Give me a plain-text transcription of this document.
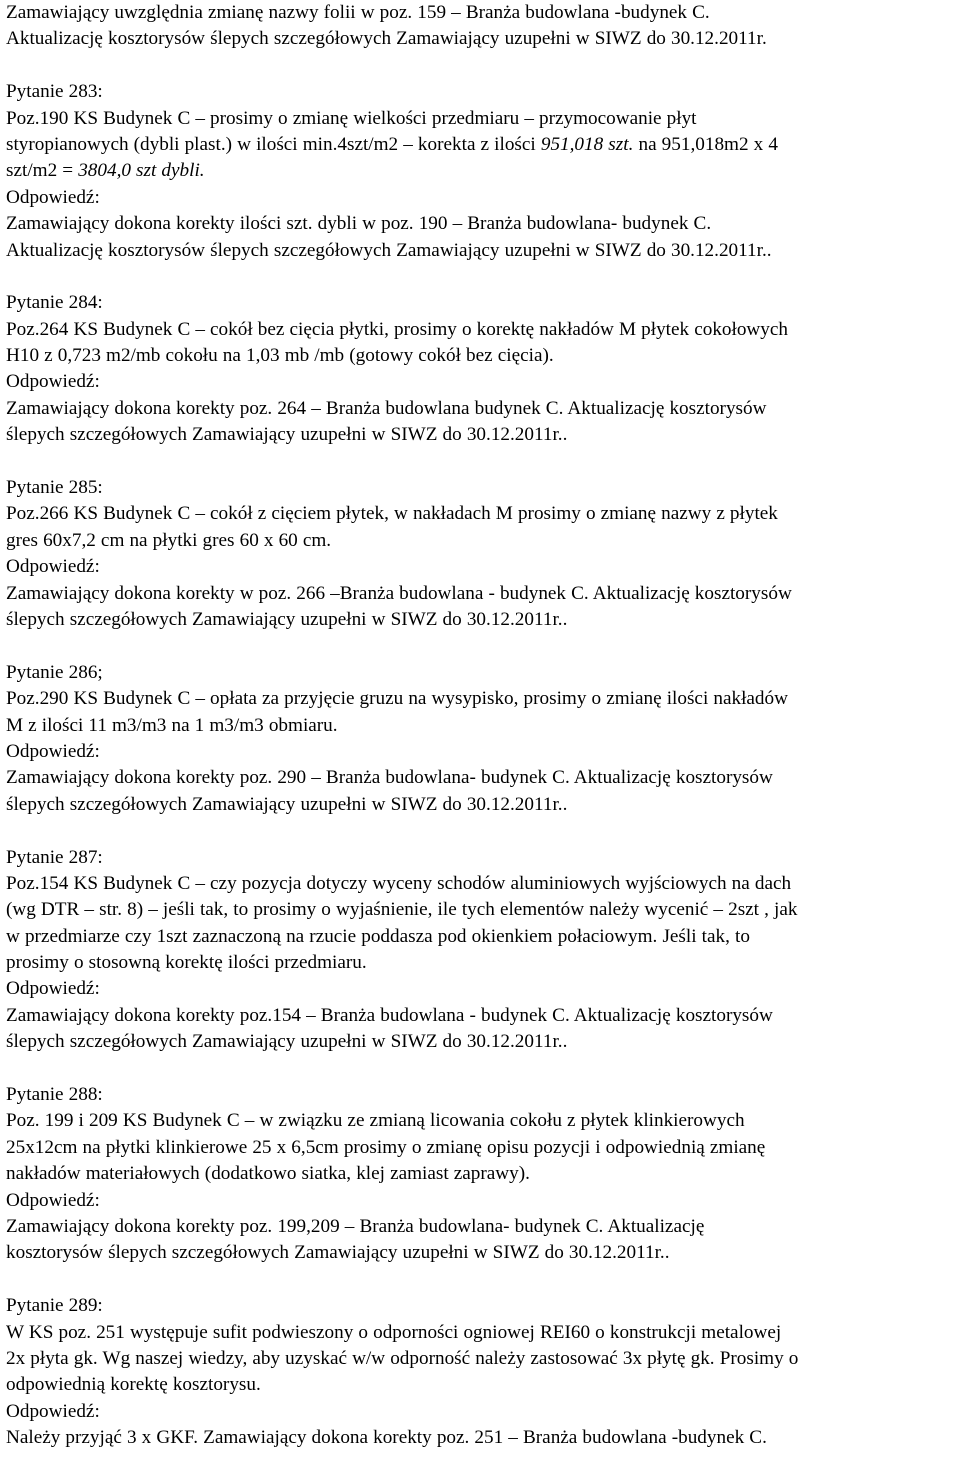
Zamawiający uwzględnia zmianę nazwy folii w poz. 159 – Branża budowlana -budynek C.
Aktualizację kosztorysów ślepych szczegółowych Zamawiający uzupełni w SIWZ do 30.12.2011r.
Pytanie 283:
Poz.190 KS Budynek C – prosimy o zmianę wielkości przedmiaru – przymocowanie płyt
styropianowych (dybli plast.) w ilości min.4szt/m2 – korekta z ilości 951,018 szt. na 951,018m2 x 4
szt/m2 = 3804,0 szt dybli.
Odpowiedź:
Zamawiający dokona korekty ilości szt. dybli w poz. 190 – Branża budowlana- budynek C.
Aktualizację kosztorysów ślepych szczegółowych Zamawiający uzupełni w SIWZ do 30.12.2011r..
Pytanie 284:
Poz.264 KS Budynek C – cokół bez cięcia płytki, prosimy o korektę nakładów M płytek cokołowych
H10 z 0,723 m2/mb cokołu na 1,03 mb /mb (gotowy cokół bez cięcia).
Odpowiedź:
Zamawiający dokona korekty poz. 264 – Branża budowlana budynek C. Aktualizację kosztorysów
ślepych szczegółowych Zamawiający uzupełni w SIWZ do 30.12.2011r..
Pytanie 285:
Poz.266 KS Budynek C – cokół z cięciem płytek, w nakładach M prosimy o zmianę nazwy z płytek
gres 60x7,2 cm na płytki gres 60 x 60 cm.
Odpowiedź:
Zamawiający dokona korekty w poz. 266 –Branża budowlana - budynek C. Aktualizację kosztorysów
ślepych szczegółowych Zamawiający uzupełni w SIWZ do 30.12.2011r..
Pytanie 286;
Poz.290 KS Budynek C – opłata za przyjęcie gruzu na wysypisko, prosimy o zmianę ilości nakładów
M z ilości 11 m3/m3 na 1 m3/m3 obmiaru.
Odpowiedź:
Zamawiający dokona korekty poz. 290 – Branża budowlana- budynek C. Aktualizację kosztorysów
ślepych szczegółowych Zamawiający uzupełni w SIWZ do 30.12.2011r..
Pytanie 287:
Poz.154 KS Budynek C – czy pozycja dotyczy wyceny schodów aluminiowych wyjściowych na dach
(wg DTR – str. 8) – jeśli tak, to prosimy o wyjaśnienie, ile tych elementów należy wycenić – 2szt , jak
w przedmiarze czy 1szt zaznaczoną na rzucie poddasza pod okienkiem połaciowym. Jeśli tak, to
prosimy o stosowną korektę ilości przedmiaru.
Odpowiedź:
Zamawiający dokona korekty poz.154 – Branża budowlana - budynek C. Aktualizację kosztorysów
ślepych szczegółowych Zamawiający uzupełni w SIWZ do 30.12.2011r..
Pytanie 288:
Poz. 199 i 209 KS Budynek C – w związku ze zmianą licowania cokołu z płytek klinkierowych
25x12cm na płytki klinkierowe 25 x 6,5cm prosimy o zmianę opisu pozycji i odpowiednią zmianę
nakładów materiałowych (dodatkowo siatka, klej zamiast zaprawy).
Odpowiedź:
Zamawiający dokona korekty poz. 199,209 – Branża budowlana- budynek C. Aktualizację
kosztorysów ślepych szczegółowych Zamawiający uzupełni w SIWZ do 30.12.2011r..
Pytanie 289:
W KS poz. 251 występuje sufit podwieszony o odporności ogniowej REI60 o konstrukcji metalowej
2x płyta gk. Wg naszej wiedzy, aby uzyskać w/w odporność należy zastosować 3x płytę gk. Prosimy o
odpowiednią korektę kosztorysu.
Odpowiedź:
Należy przyjąć 3 x GKF. Zamawiający dokona korekty poz. 251 – Branża budowlana -budynek C.
